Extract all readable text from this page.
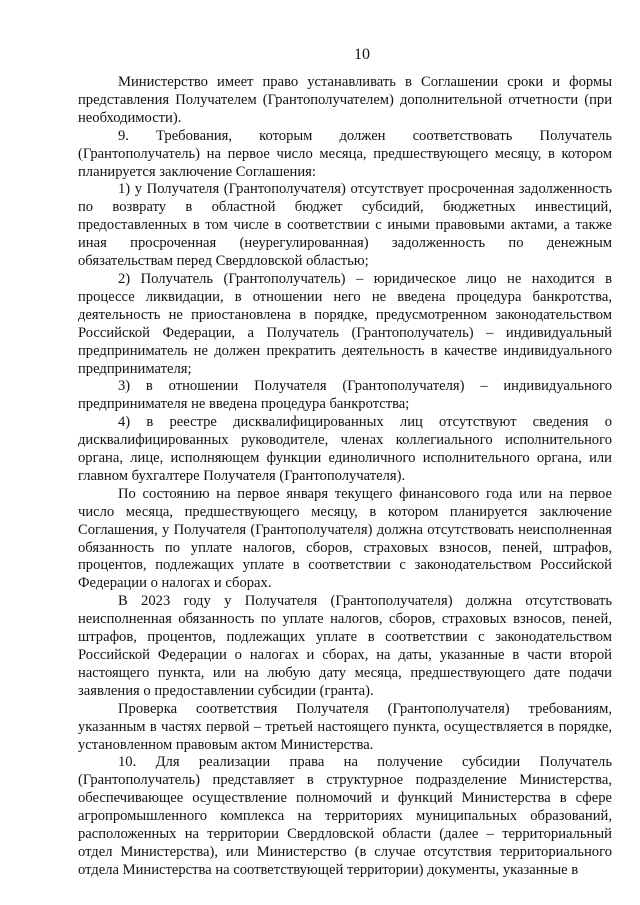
10

Министерство имеет право устанавливать в Соглашении сроки и формы представления Получателем (Грантополучателем) дополнительной отчетности (при необходимости).

9. Требования, которым должен соответствовать Получатель (Грантополучатель) на первое число месяца, предшествующего месяцу, в котором планируется заключение Соглашения:

1) у Получателя (Грантополучателя) отсутствует просроченная задолженность по возврату в областной бюджет субсидий, бюджетных инвестиций, предоставленных в том числе в соответствии с иными правовыми актами, а также иная просроченная (неурегулированная) задолженность по денежным обязательствам перед Свердловской областью;

2) Получатель (Грантополучатель) – юридическое лицо не находится в процессе ликвидации, в отношении него не введена процедура банкротства, деятельность не приостановлена в порядке, предусмотренном законодательством Российской Федерации, а Получатель (Грантополучатель) – индивидуальный предприниматель не должен прекратить деятельность в качестве индивидуального предпринимателя;

3) в отношении Получателя (Грантополучателя) – индивидуального предпринимателя не введена процедура банкротства;

4) в реестре дисквалифицированных лиц отсутствуют сведения о дисквалифицированных руководителе, членах коллегиального исполнительного органа, лице, исполняющем функции единоличного исполнительного органа, или главном бухгалтере Получателя (Грантополучателя).

По состоянию на первое января текущего финансового года или на первое число месяца, предшествующего месяцу, в котором планируется заключение Соглашения, у Получателя (Грантополучателя) должна отсутствовать неисполненная обязанность по уплате налогов, сборов, страховых взносов, пеней, штрафов, процентов, подлежащих уплате в соответствии с законодательством Российской Федерации о налогах и сборах.

В 2023 году у Получателя (Грантополучателя) должна отсутствовать неисполненная обязанность по уплате налогов, сборов, страховых взносов, пеней, штрафов, процентов, подлежащих уплате в соответствии с законодательством Российской Федерации о налогах и сборах, на даты, указанные в части второй настоящего пункта, или на любую дату месяца, предшествующего дате подачи заявления о предоставлении субсидии (гранта).

Проверка соответствия Получателя (Грантополучателя) требованиям, указанным в частях первой – третьей настоящего пункта, осуществляется в порядке, установленном правовым актом Министерства.

10. Для реализации права на получение субсидии Получатель (Грантополучатель) представляет в структурное подразделение Министерства, обеспечивающее осуществление полномочий и функций Министерства в сфере агропромышленного комплекса на территориях муниципальных образований, расположенных на территории Свердловской области (далее – территориальный отдел Министерства), или Министерство (в случае отсутствия территориального отдела Министерства на соответствующей территории) документы, указанные в
